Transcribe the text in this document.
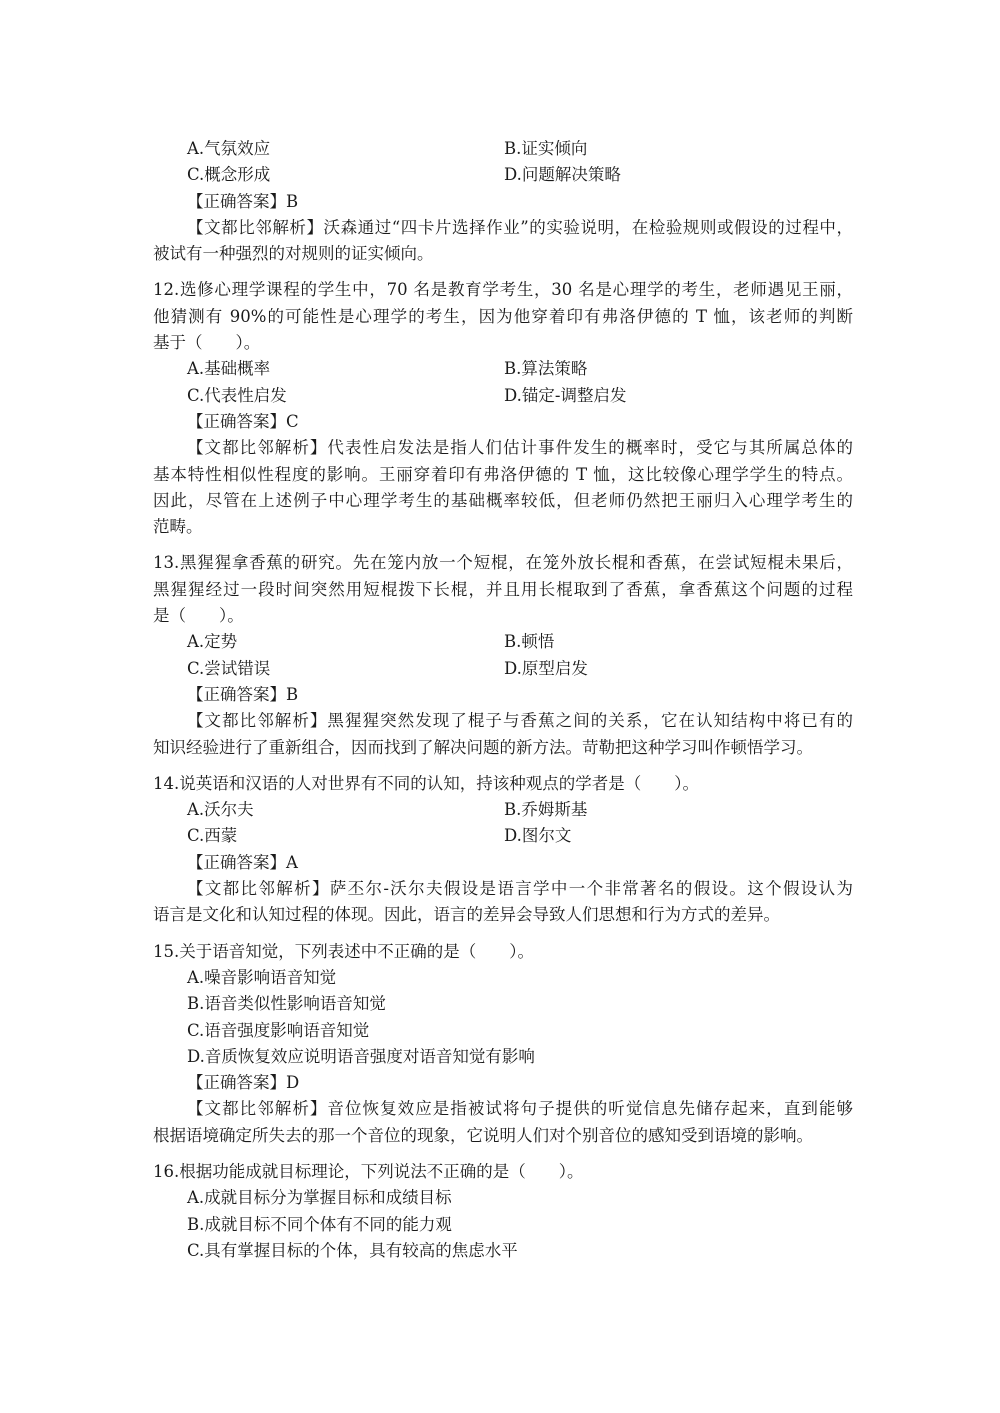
A.气氛效应	B.证实倾向
C.概念形成	D.问题解决策略
【正确答案】B
【文都比邻解析】沃森通过“四卡片选择作业”的实验说明，在检验规则或假设的过程中，
被试有一种强烈的对规则的证实倾向。
12.选修心理学课程的学生中，70 名是教育学考生，30 名是心理学的考生，老师遇见王丽，
他猜测有 90%的可能性是心理学的考生，因为他穿着印有弗洛伊德的 T 恤，该老师的判断
基于（　　）。
A.基础概率	B.算法策略
C.代表性启发	D.锚定-调整启发
【正确答案】C
【文都比邻解析】代表性启发法是指人们估计事件发生的概率时，受它与其所属总体的
基本特性相似性程度的影响。王丽穿着印有弗洛伊德的 T 恤，这比较像心理学学生的特点。
因此，尽管在上述例子中心理学考生的基础概率较低，但老师仍然把王丽归入心理学考生的
范畴。
13.黑猩猩拿香蕉的研究。先在笼内放一个短棍，在笼外放长棍和香蕉，在尝试短棍未果后，
黑猩猩经过一段时间突然用短棍拨下长棍，并且用长棍取到了香蕉，拿香蕉这个问题的过程
是（　　）。
A.定势	B.顿悟
C.尝试错误	D.原型启发
【正确答案】B
【文都比邻解析】黑猩猩突然发现了棍子与香蕉之间的关系，它在认知结构中将已有的
知识经验进行了重新组合，因而找到了解决问题的新方法。苛勒把这种学习叫作顿悟学习。
14.说英语和汉语的人对世界有不同的认知，持该种观点的学者是（　　）。
A.沃尔夫	B.乔姆斯基
C.西蒙	D.图尔文
【正确答案】A
【文都比邻解析】萨丕尔-沃尔夫假设是语言学中一个非常著名的假设。这个假设认为
语言是文化和认知过程的体现。因此，语言的差异会导致人们思想和行为方式的差异。
15.关于语音知觉，下列表述中不正确的是（　　）。
A.噪音影响语音知觉
B.语音类似性影响语音知觉
C.语音强度影响语音知觉
D.音质恢复效应说明语音强度对语音知觉有影响
【正确答案】D
【文都比邻解析】音位恢复效应是指被试将句子提供的听觉信息先储存起来，直到能够
根据语境确定所失去的那一个音位的现象，它说明人们对个别音位的感知受到语境的影响。
16.根据功能成就目标理论，下列说法不正确的是（　　）。
A.成就目标分为掌握目标和成绩目标
B.成就目标不同个体有不同的能力观
C.具有掌握目标的个体，具有较高的焦虑水平
